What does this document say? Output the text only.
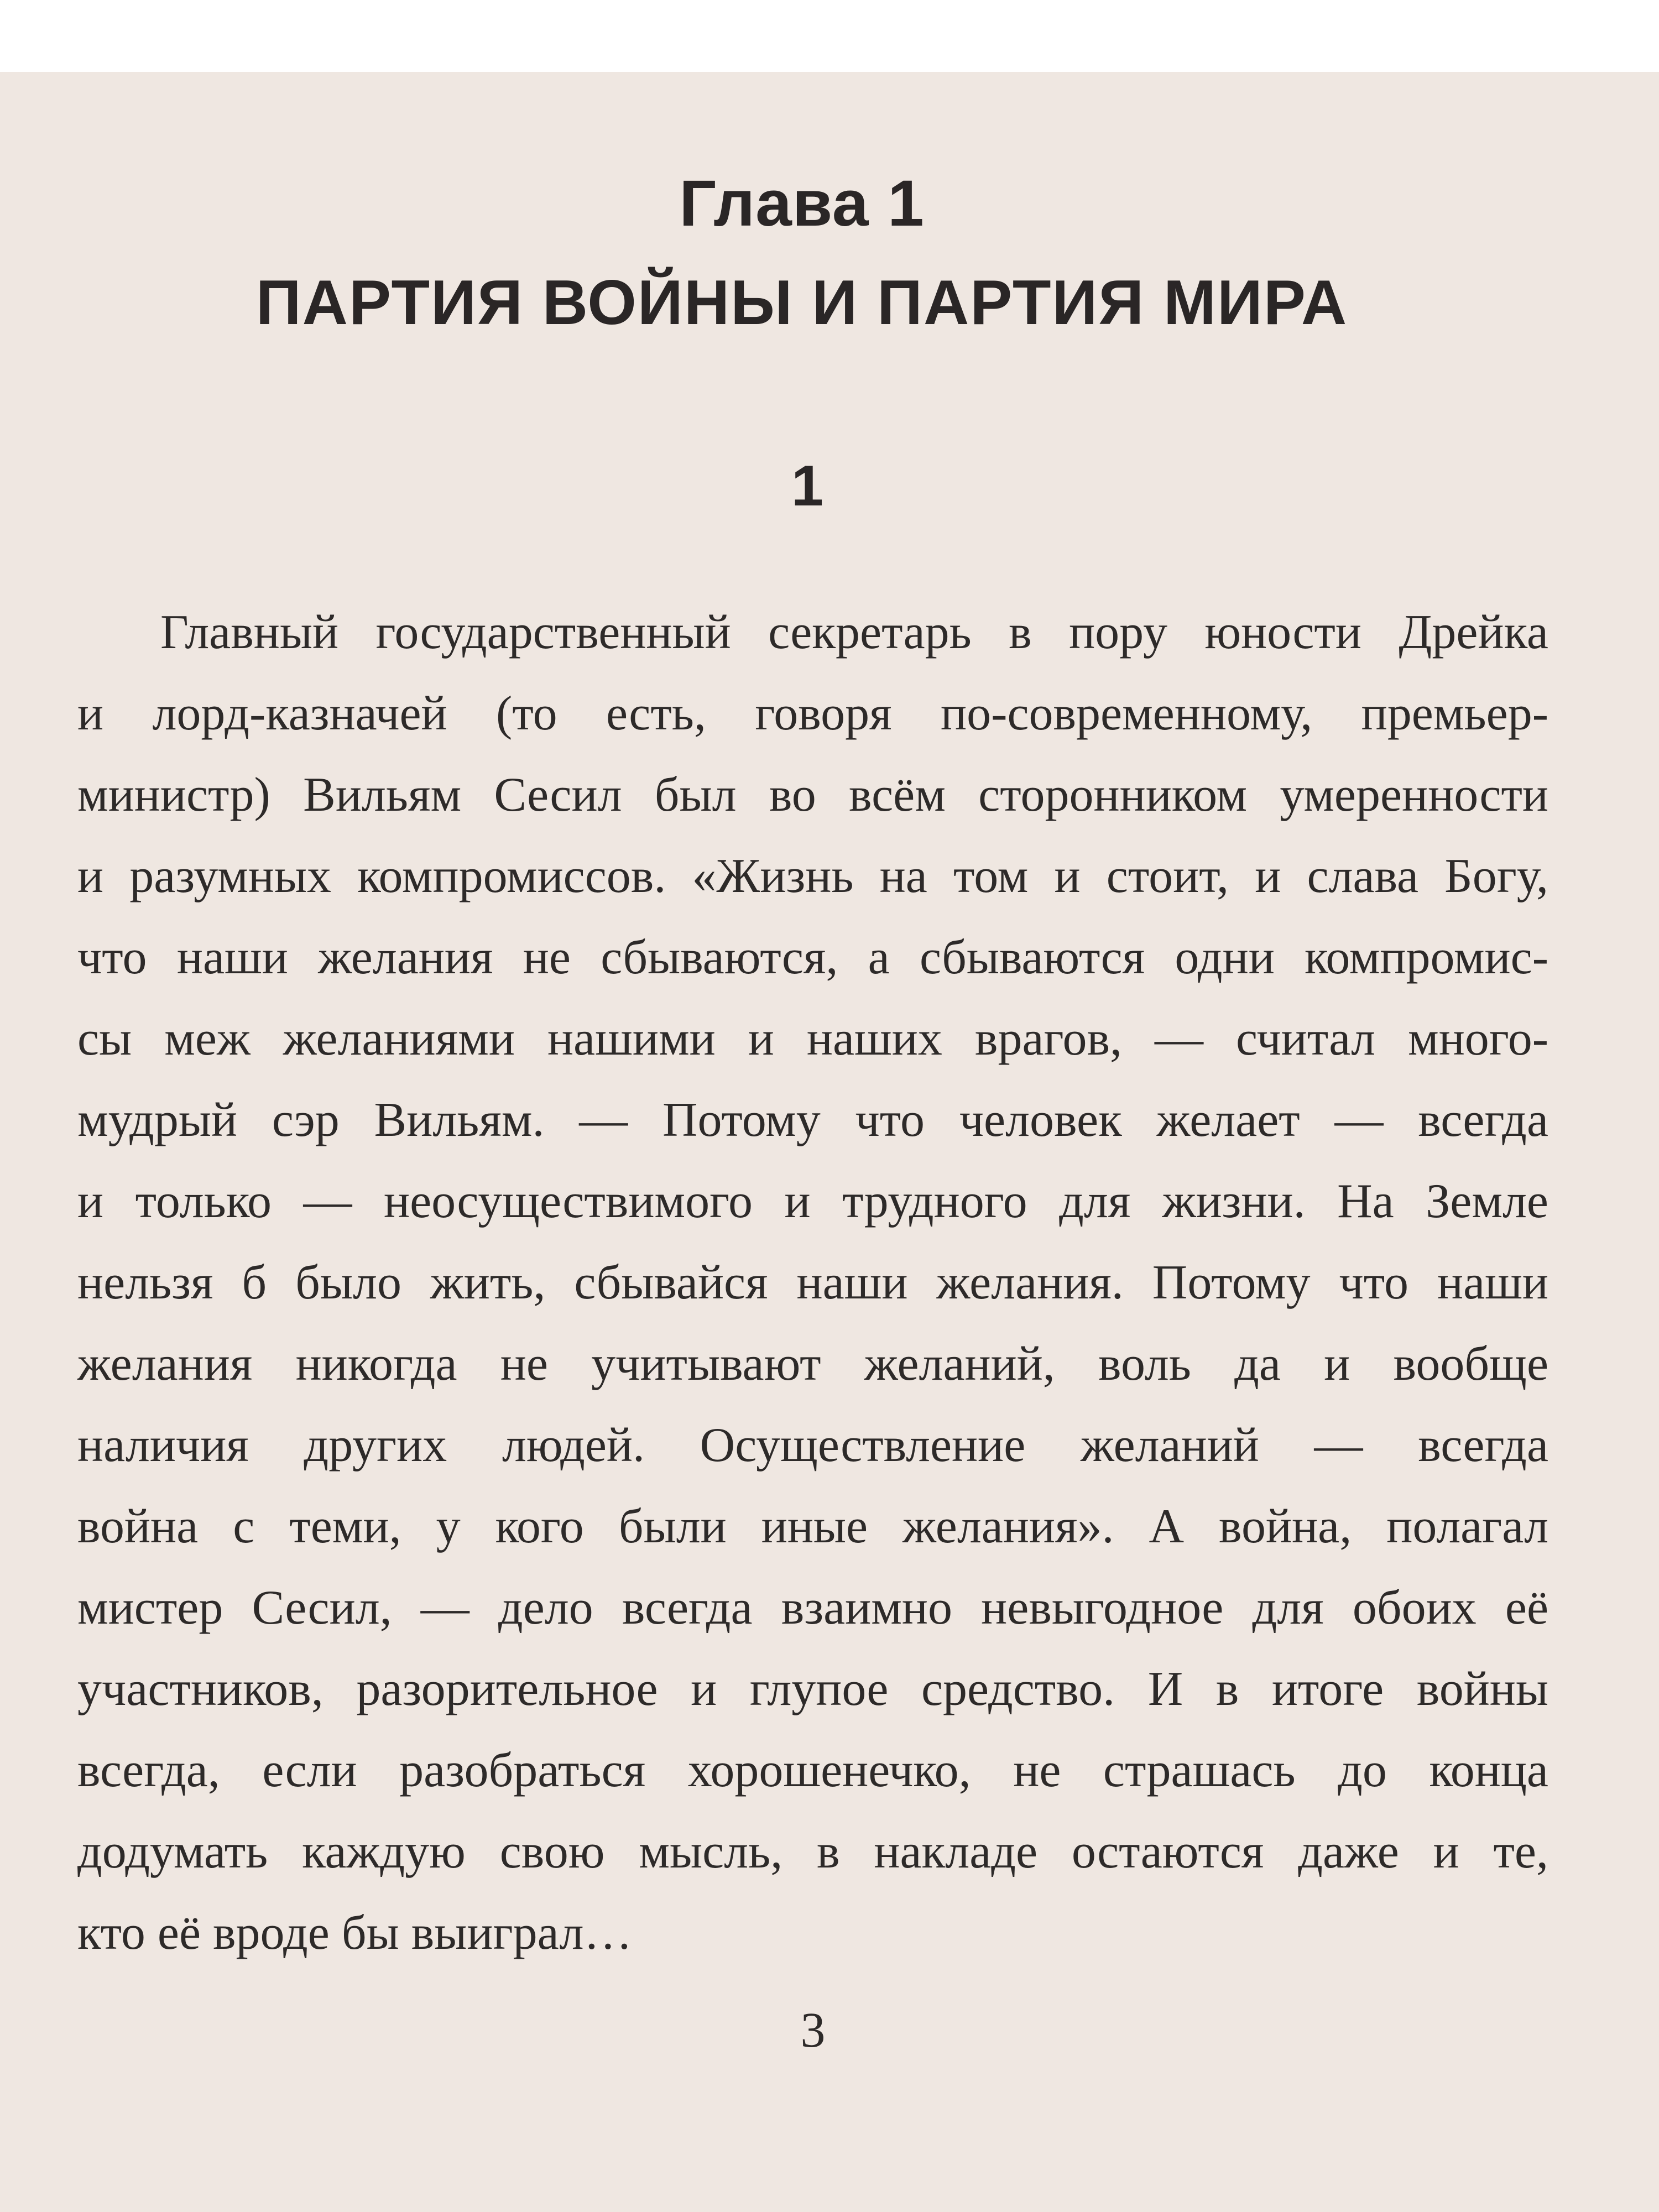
Глава 1
ПАРТИЯ ВОЙНЫ И ПАРТИЯ МИРА
1
Главный государственный секретарь в пору юности Дрейка
и лорд-казначей (то есть, говоря по-современному, премьер-
министр) Вильям Сесил был во всём сторонником умеренности
и разумных компромиссов. «Жизнь на том и стоит, и слава Богу,
что наши желания не сбываются, а сбываются одни компромис-
сы меж желаниями нашими и наших врагов, — считал много-
мудрый сэр Вильям. — Потому что человек желает — всегда
и только — неосуществимого и трудного для жизни. На Земле
нельзя б было жить, сбывайся наши желания. Потому что наши
желания никогда не учитывают желаний, воль да и вообще
наличия других людей. Осуществление желаний — всегда
война с теми, у кого были иные желания». А война, полагал
мистер Сесил, — дело всегда взаимно невыгодное для обоих её
участников, разорительное и глупое средство. И в итоге войны
всегда, если разобраться хорошенечко, не страшась до конца
додумать каждую свою мысль, в накладе остаются даже и те,
кто её вроде бы выиграл…
3
